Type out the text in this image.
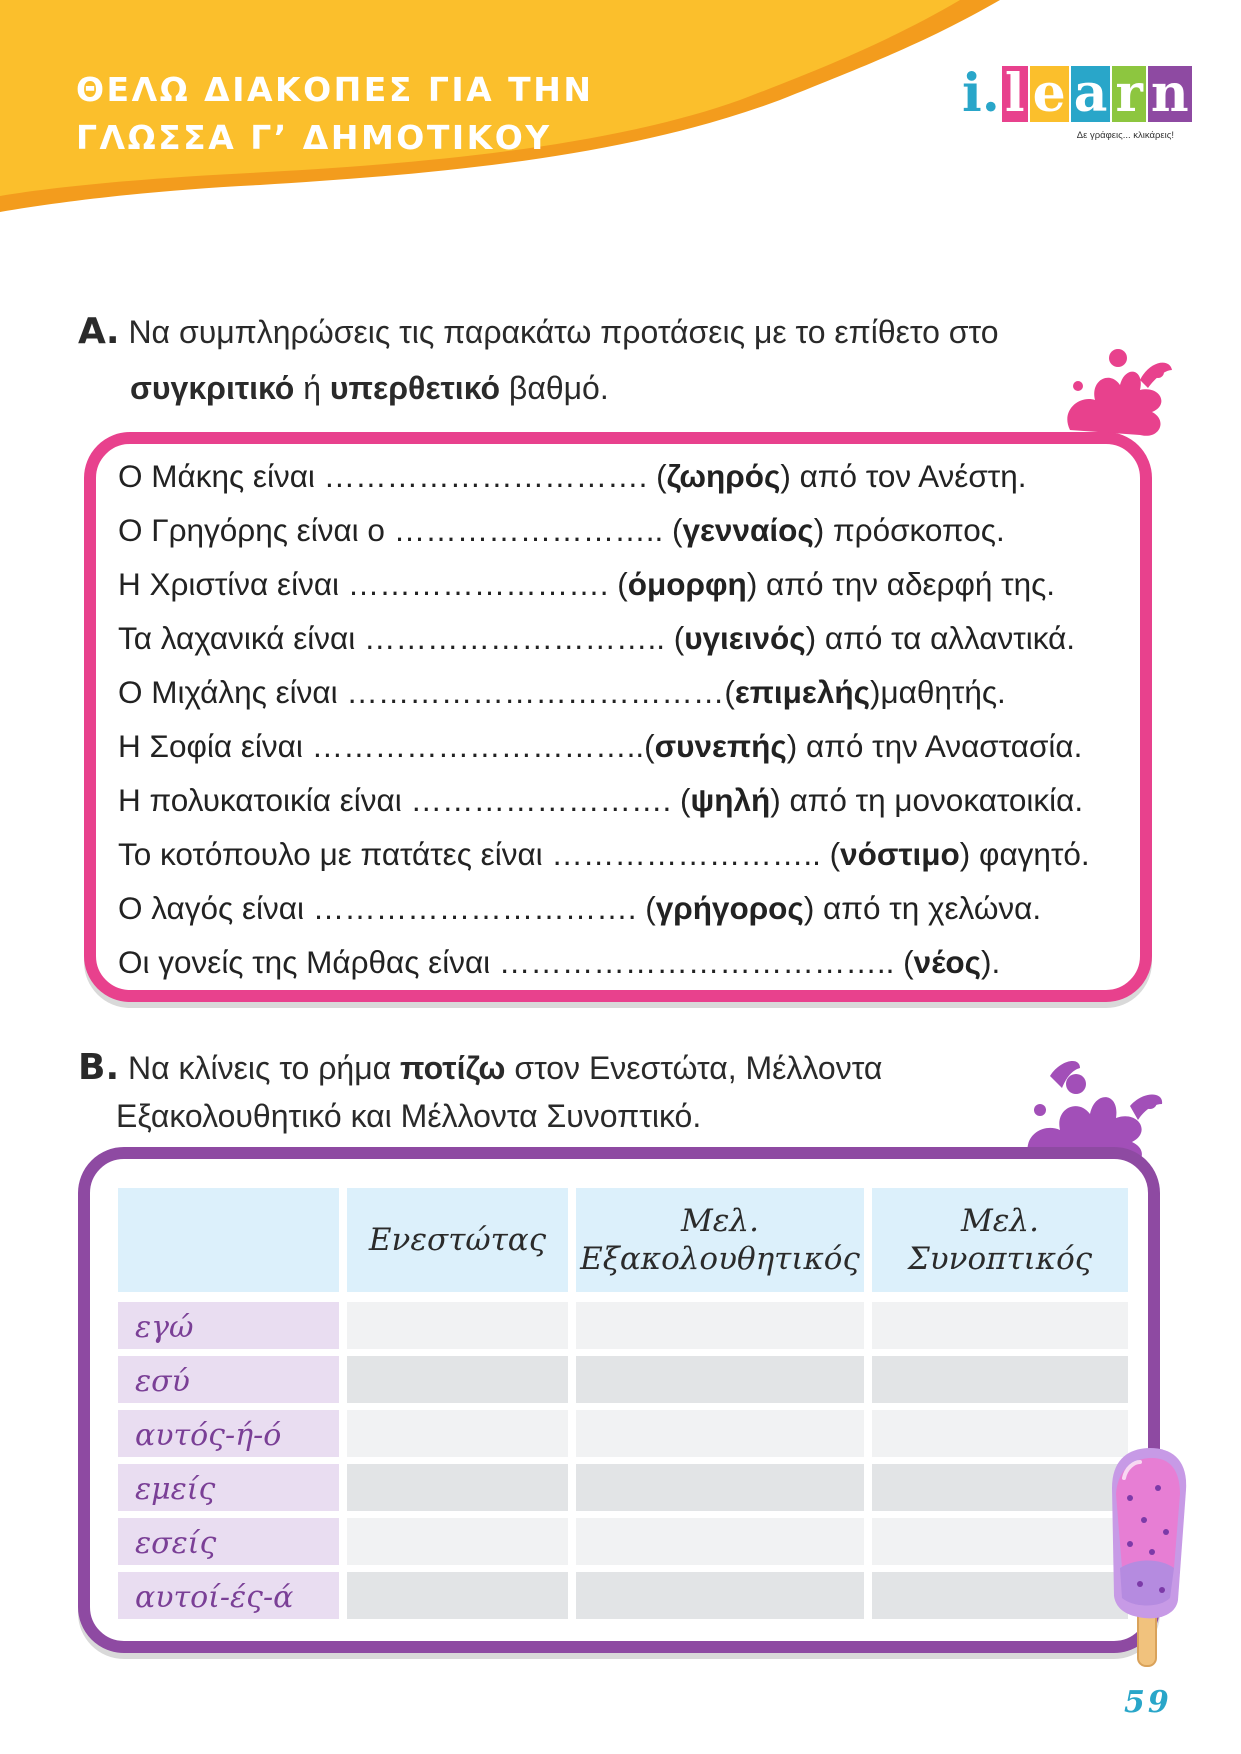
ΘΕΛΩ ΔΙΑΚΟΠΕΣ ΓΙΑ ΤΗΝ
ΓΛΩΣΣΑ Γ’ ΔΗΜΟΤΙΚΟΥ
i . l e a r n
Δε γράφεις... κλικάρεις!
Α. Να συμπληρώσεις τις παρακάτω προτάσεις με το επίθετο στο
συγκριτικό ή υπερθετικό βαθμό.
Ο Μάκης είναι …………………………. (ζωηρός) από τον Ανέστη.
Ο Γρηγόρης είναι ο …………………….. (γενναίος) πρόσκοπος.
Η Χριστίνα είναι ……………………. (όμορφη) από την αδερφή της.
Τα λαχανικά είναι ……………………….. (υγιεινός) από τα αλλαντικά.
Ο Μιχάλης είναι ………………………………(επιμελής)μαθητής.
Η Σοφία είναι …………………………..(συνεπής) από την Αναστασία.
Η πολυκατοικία είναι ……………………. (ψηλή) από τη μονοκατοικία.
Το κοτόπουλο με πατάτες είναι …………………….. (νόστιμο) φαγητό.
Ο λαγός είναι …………………………. (γρήγορος) από τη χελώνα.
Οι γονείς της Μάρθας είναι ……………………………….. (νέος).
Β. Να κλίνεις το ρήμα ποτίζω στον Ενεστώτα, Μέλλοντα
Εξακολουθητικό και Μέλλοντα Συνοπτικό.
Ενεστώτας
Μελ.
Εξακολουθητικός
Μελ.
Συνοπτικός
εγώ
εσύ
αυτός-ή-ό
εμείς
εσείς
αυτοί-ές-ά
59
